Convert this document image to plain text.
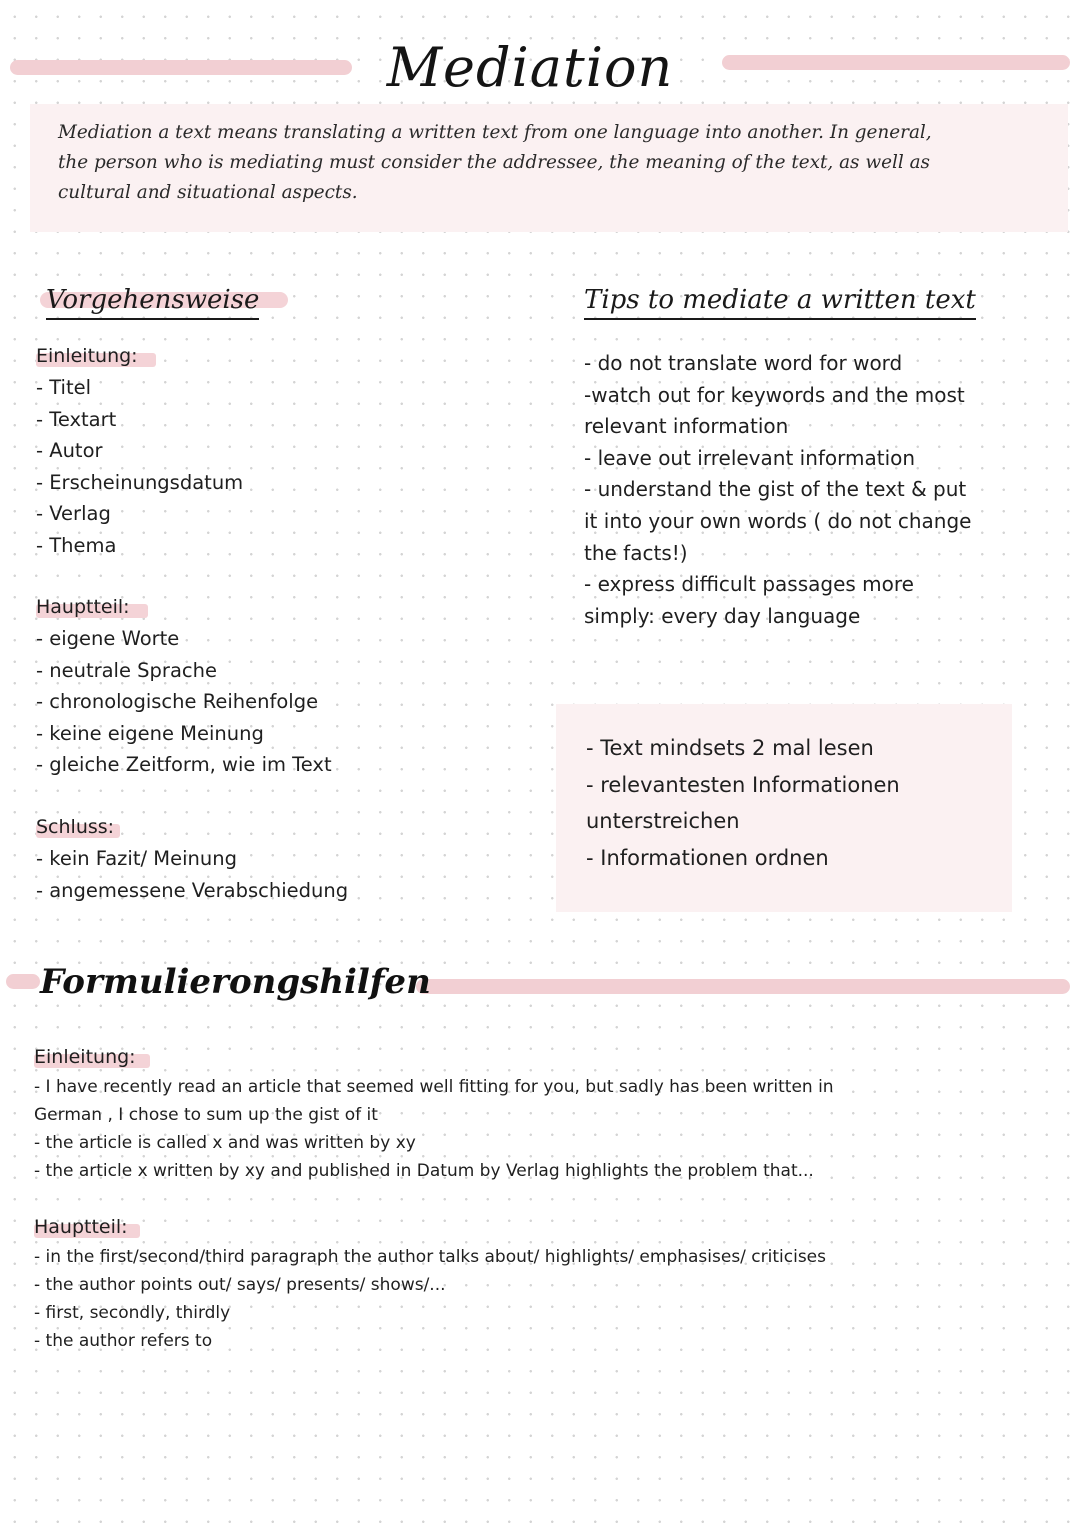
Mediation
Mediation a text means translating a written text from one language into another. In general,
the person who is mediating must consider the addressee, the meaning of the text, as well as
cultural and situational aspects.
Vorgehensweise
Einleitung:
- Titel
- Textart
- Autor
- Erscheinungsdatum
- Verlag
- Thema
Hauptteil:
- eigene Worte
- neutrale Sprache
- chronologische Reihenfolge
- keine eigene Meinung
- gleiche Zeitform, wie im Text
Schluss:
- kein Fazit/ Meinung
- angemessene Verabschiedung
Tips to mediate a written text
- do not translate word for word
-watch out for keywords and the most
relevant information
- leave out irrelevant information
- understand the gist of the text & put
it into your own words ( do not change
the facts!)
- express difficult passages more
simply: every day language
- Text mindsets 2 mal lesen
- relevantesten Informationen
unterstreichen
- Informationen ordnen
Formulierongshilfen
Einleitung:
- I have recently read an article that seemed well fitting for you, but sadly has been written in
German , I chose to sum up the gist of it
- the article is called x and was written by xy
- the article x written by xy and published in Datum by Verlag highlights the problem that...
Hauptteil:
- in the first/second/third paragraph the author talks about/ highlights/ emphasises/ criticises
- the author points out/ says/ presents/ shows/...
- first, secondly, thirdly
- the author refers to
